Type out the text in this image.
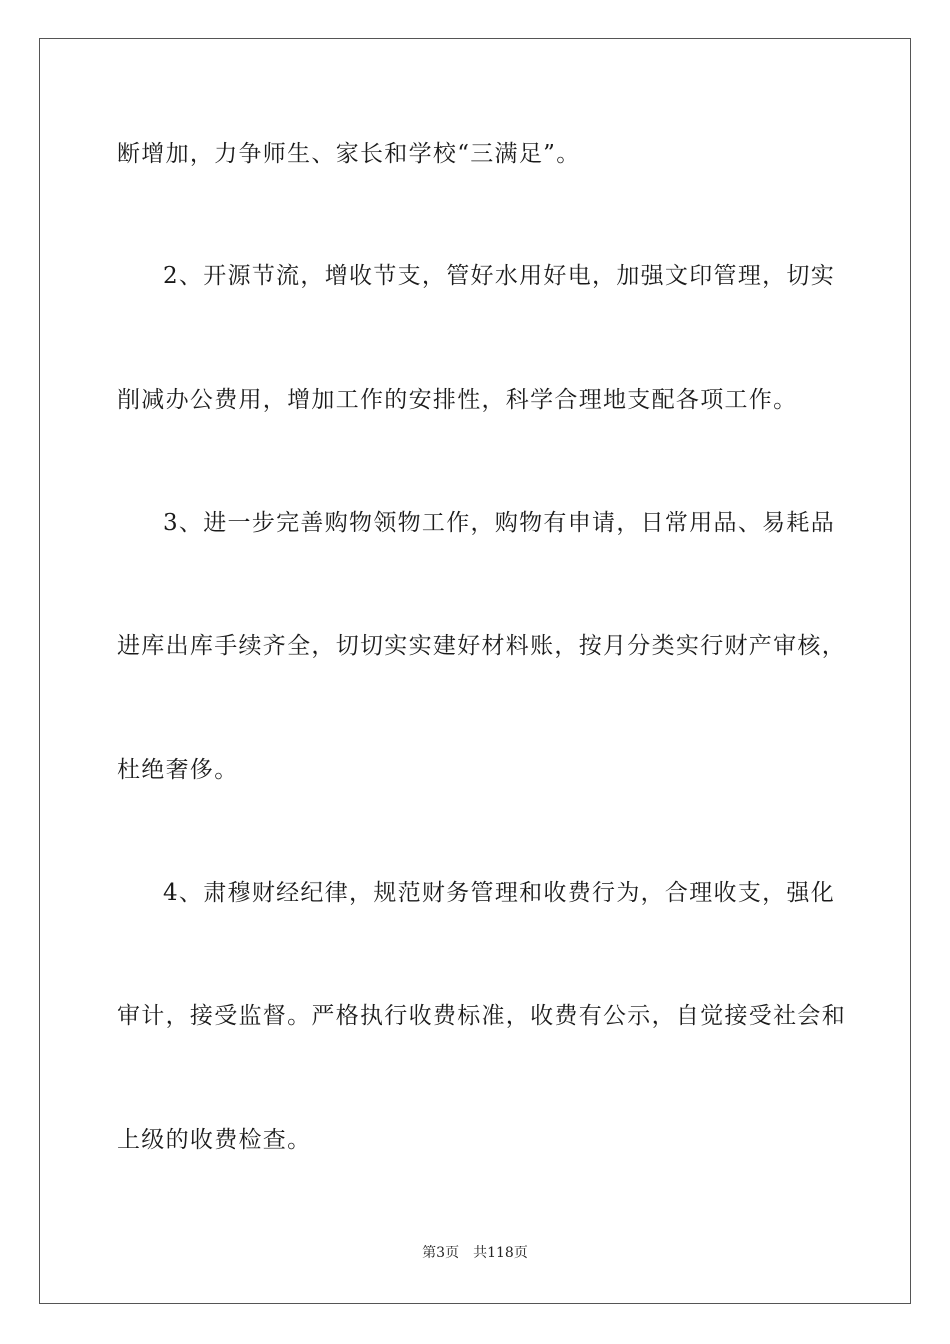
断增加，力争师生、家长和学校“三满足”。
2、开源节流，增收节支，管好水用好电，加强文印管理，切实
削减办公费用，增加工作的安排性，科学合理地支配各项工作。
3、进一步完善购物领物工作，购物有申请，日常用品、易耗品
进库出库手续齐全，切切实实建好材料账，按月分类实行财产审核，
杜绝奢侈。
4、肃穆财经纪律，规范财务管理和收费行为，合理收支，强化
审计，接受监督。严格执行收费标准，收费有公示，自觉接受社会和
上级的收费检查。
第3页 共118页
